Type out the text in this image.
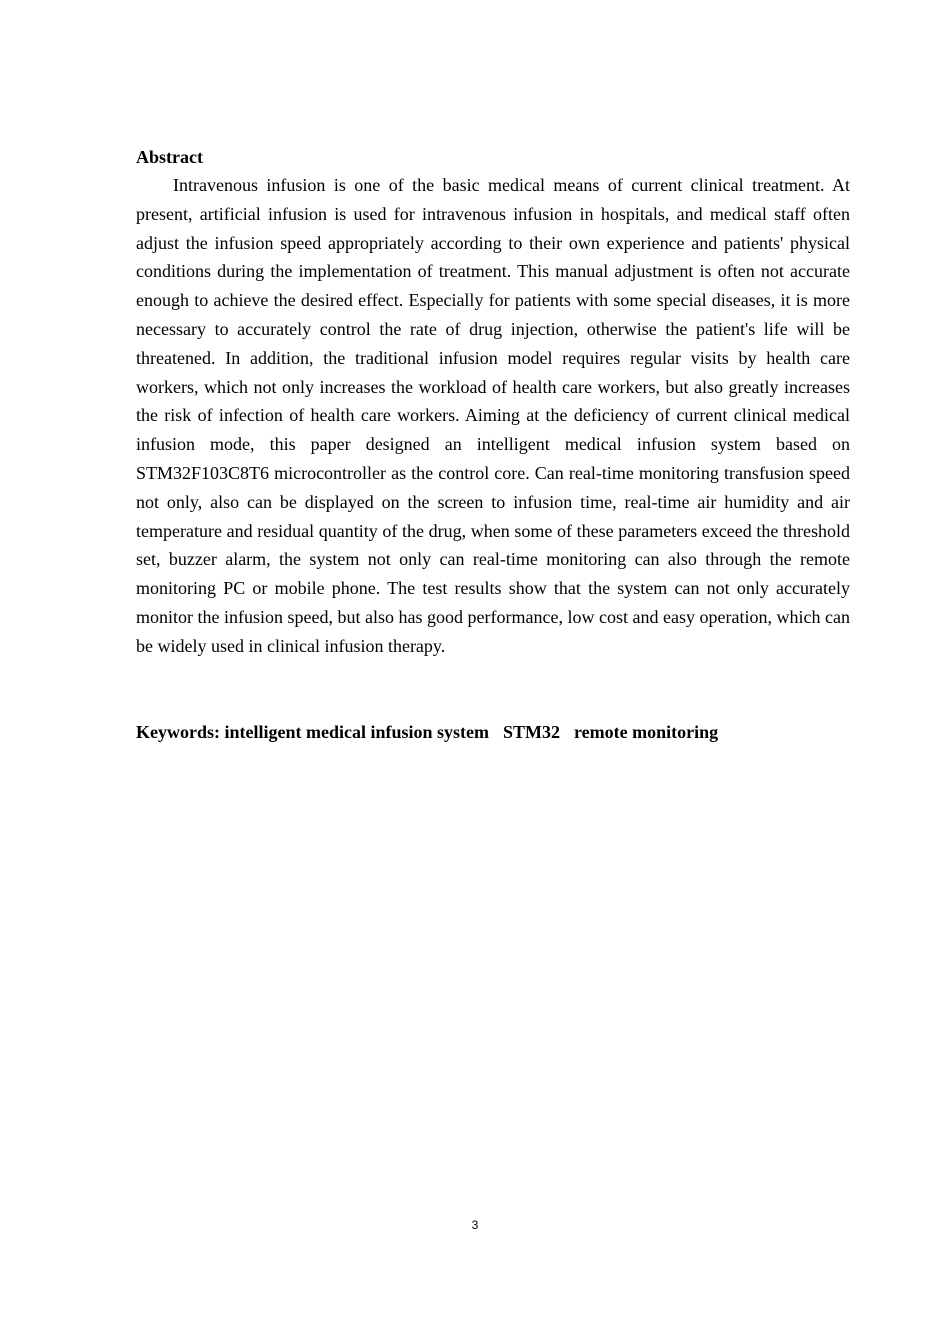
Abstract

Intravenous infusion is one of the basic medical means of current clinical treatment. At present, artificial infusion is used for intravenous infusion in hospitals, and medical staff often adjust the infusion speed appropriately according to their own experience and patients' physical conditions during the implementation of treatment. This manual adjustment is often not accurate enough to achieve the desired effect. Especially for patients with some special diseases, it is more necessary to accurately control the rate of drug injection, otherwise the patient's life will be threatened. In addition, the traditional infusion model requires regular visits by health care workers, which not only increases the workload of health care workers, but also greatly increases the risk of infection of health care workers. Aiming at the deficiency of current clinical medical infusion mode, this paper designed an intelligent medical infusion system based on STM32F103C8T6 microcontroller as the control core. Can real-time monitoring transfusion speed not only, also can be displayed on the screen to infusion time, real-time air humidity and air temperature and residual quantity of the drug, when some of these parameters exceed the threshold set, buzzer alarm, the system not only can real-time monitoring can also through the remote monitoring PC or mobile phone. The test results show that the system can not only accurately monitor the infusion speed, but also has good performance, low cost and easy operation, which can be widely used in clinical infusion therapy.

Keywords: intelligent medical infusion system STM32 remote monitoring

3
